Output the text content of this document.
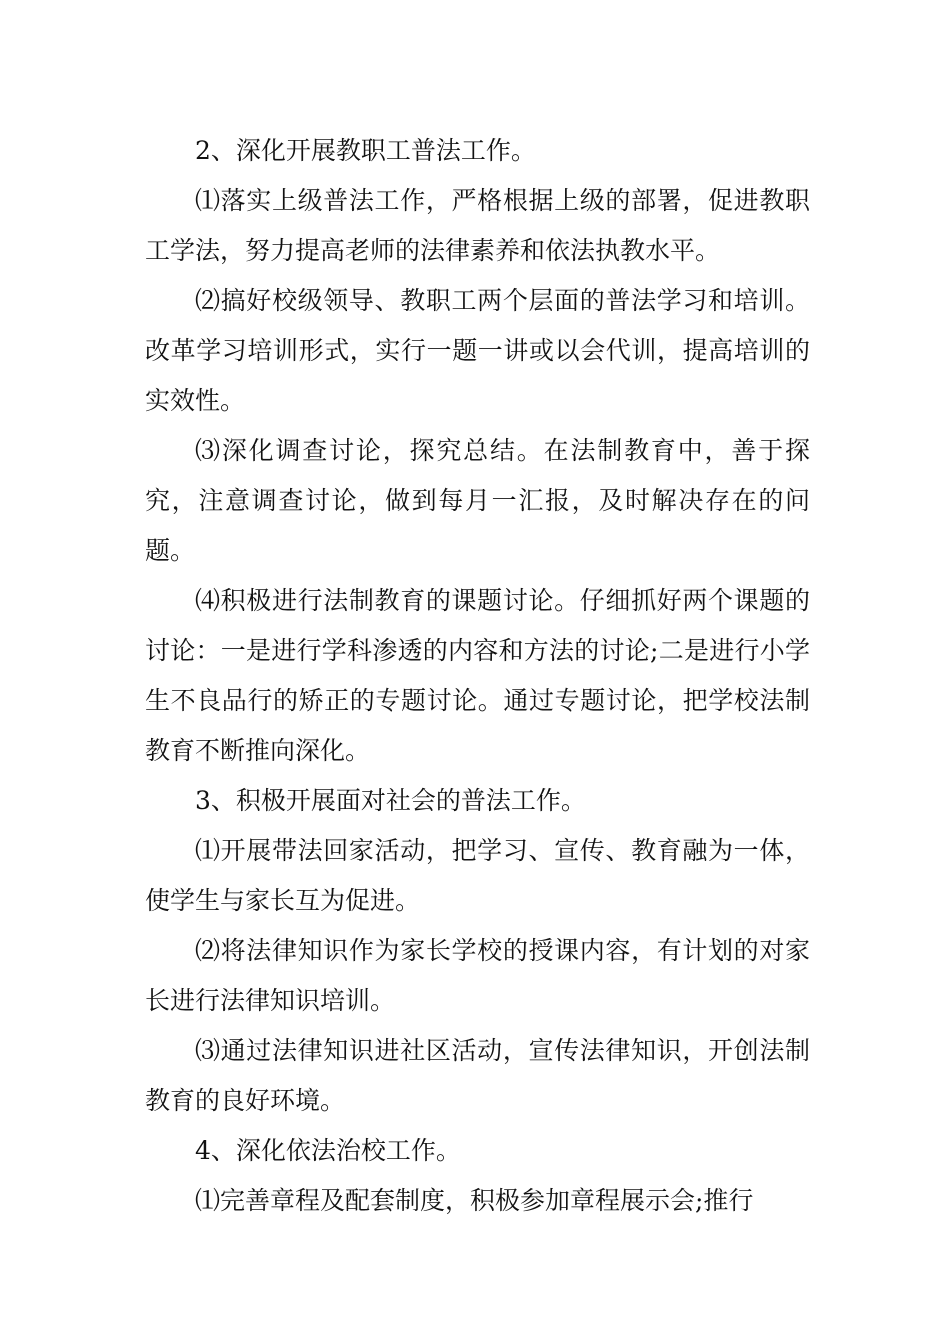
2、深化开展教职工普法工作。

⑴落实上级普法工作，严格根据上级的部署，促进教职工学法，努力提高老师的法律素养和依法执教水平。

⑵搞好校级领导、教职工两个层面的普法学习和培训。改革学习培训形式，实行一题一讲或以会代训，提高培训的实效性。

⑶深化调查讨论，探究总结。在法制教育中，善于探究，注意调查讨论，做到每月一汇报，及时解决存在的问题。

⑷积极进行法制教育的课题讨论。仔细抓好两个课题的讨论：一是进行学科渗透的内容和方法的讨论;二是进行小学生不良品行的矫正的专题讨论。通过专题讨论，把学校法制教育不断推向深化。

3、积极开展面对社会的普法工作。

⑴开展带法回家活动，把学习、宣传、教育融为一体，使学生与家长互为促进。

⑵将法律知识作为家长学校的授课内容，有计划的对家长进行法律知识培训。

⑶通过法律知识进社区活动，宣传法律知识，开创法制教育的良好环境。

4、深化依法治校工作。

⑴完善章程及配套制度，积极参加章程展示会;推行
